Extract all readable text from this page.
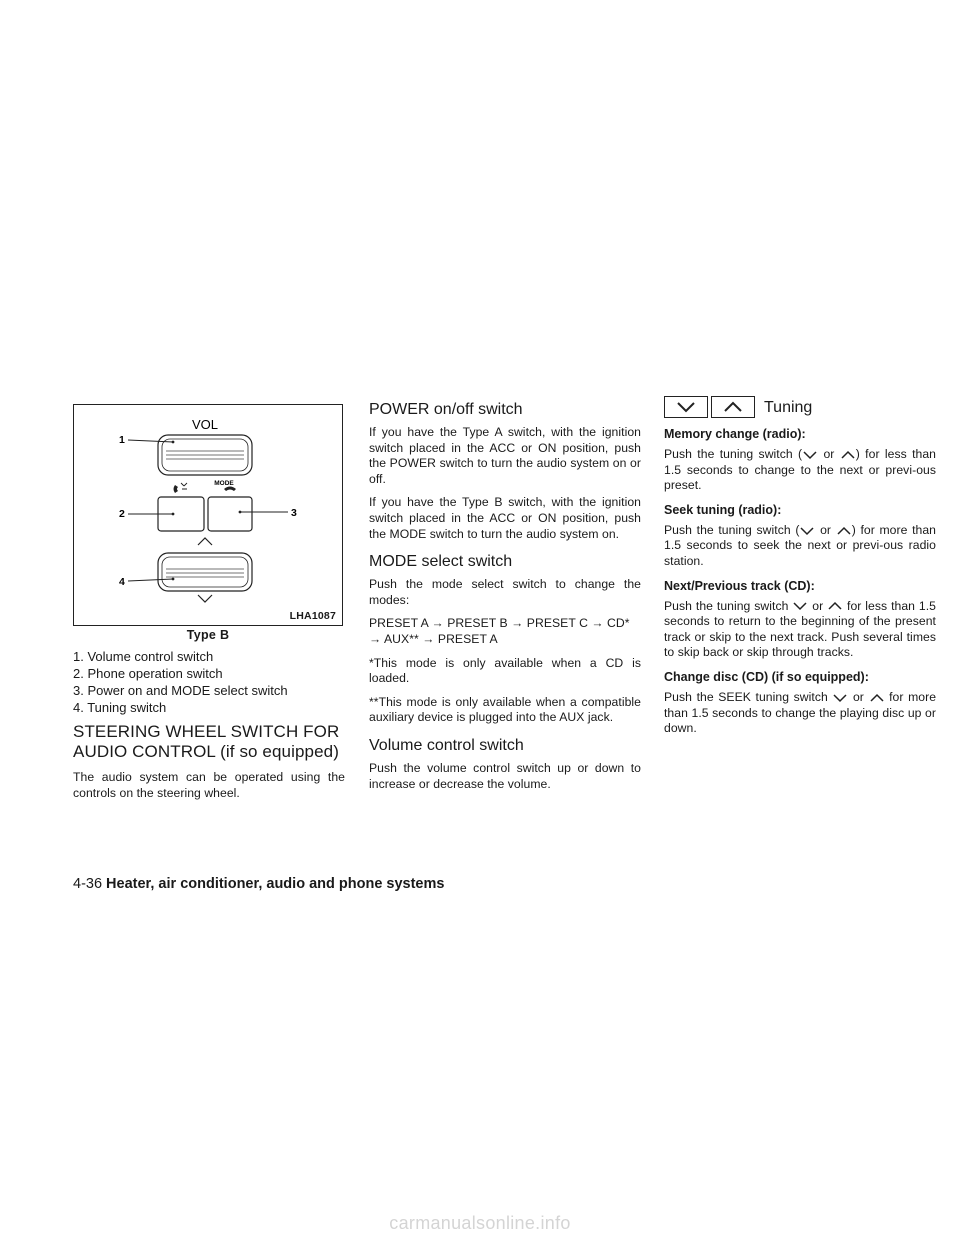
VOL
MODE
1
2	3
4
LHA1087
Type B
1. Volume control switch
2. Phone operation switch
3. Power on and MODE select switch
4. Tuning switch
STEERING WHEEL SWITCH FOR AUDIO CONTROL (if so equipped)

The audio system can be operated using the controls on the steering wheel.

POWER on/off switch

If you have the Type A switch, with the ignition switch placed in the ACC or ON position, push the POWER switch to turn the audio system on or off.

If you have the Type B switch, with the ignition switch placed in the ACC or ON position, push the MODE switch to turn the audio system on.

MODE select switch

Push the mode select switch to change the modes:

PRESET A → PRESET B → PRESET C → CD* → AUX** → PRESET A

*This mode is only available when a CD is loaded.

**This mode is only available when a compatible auxiliary device is plugged into the AUX jack.

Volume control switch

Push the volume control switch up or down to increase or decrease the volume.

Tuning
Memory change (radio):

Push the tuning switch ( or ) for less than 1.5 seconds to change to the next or previ-ous preset.

Seek tuning (radio):

Push the tuning switch ( or ) for more than 1.5 seconds to seek the next or previ-ous radio station.

Next/Previous track (CD):

Push the tuning switch or for less than 1.5 seconds to return to the beginning of the present track or skip to the next track. Push several times to skip back or skip through tracks.

Change disc (CD) (if so equipped):

Push the SEEK tuning switch or for more than 1.5 seconds to change the playing disc up or down.

4-36 Heater, air conditioner, audio and phone systems
carmanualsonline.info
